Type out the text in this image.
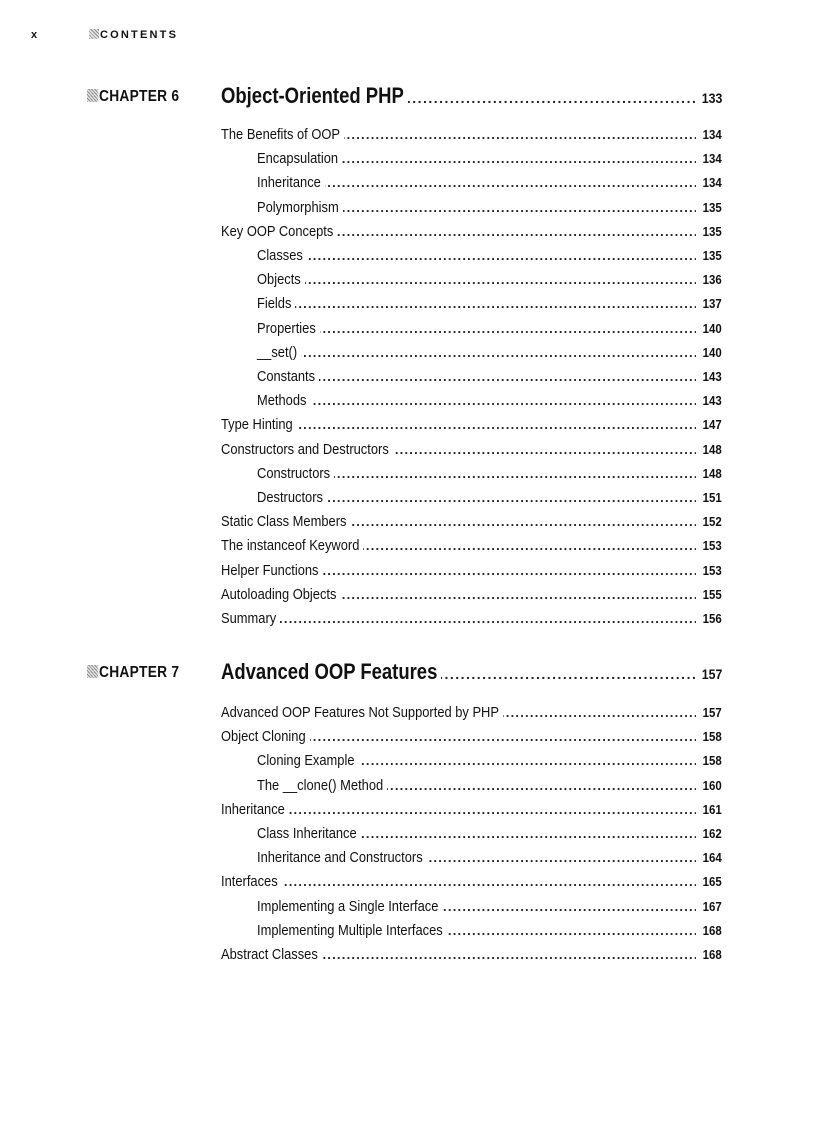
x	CONTENTS
CHAPTER 6 Object-Oriented PHP . . .	133
The Benefits of OOP . . .	134
Encapsulation . . .	134
Inheritance . . .	134
Polymorphism . . .	135
Key OOP Concepts . . .	135
Classes . . .	135
Objects . . .	136
Fields . . .	137
Properties . . .	140
__set() . . .	140
Constants . . .	143
Methods . . .	143
Type Hinting . . .	147
Constructors and Destructors . . .	148
Constructors . . .	148
Destructors . . .	151
Static Class Members . . .	152
The instanceof Keyword . . .	153
Helper Functions . . .	153
Autoloading Objects . . .	155
Summary . . .	156
CHAPTER 7 Advanced OOP Features . . .	157
Advanced OOP Features Not Supported by PHP . . .	157
Object Cloning . . .	158
Cloning Example . . .	158
The __clone() Method . . .	160
Inheritance . . .	161
Class Inheritance . . .	162
Inheritance and Constructors . . .	164
Interfaces . . .	165
Implementing a Single Interface . . .	167
Implementing Multiple Interfaces . . .	168
Abstract Classes . . .	168
